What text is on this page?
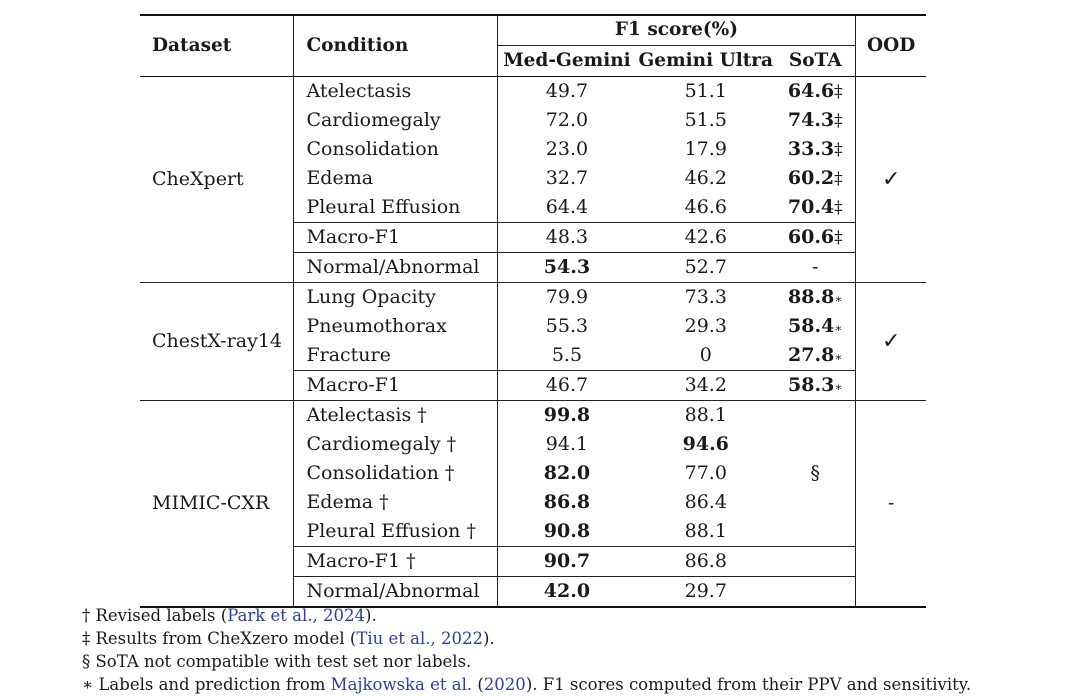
Dataset	Condition	F1 score(%)			OOD
		Med-Gemini	Gemini Ultra	SoTA	
CheXpert	Atelectasis	49.7	51.1	64.6‡	✓
	Cardiomegaly	72.0	51.5	74.3‡	
	Consolidation	23.0	17.9	33.3‡	
	Edema	32.7	46.2	60.2‡	
	Pleural Effusion	64.4	46.6	70.4‡	
	Macro-F1	48.3	42.6	60.6‡	
	Normal/Abnormal	54.3	52.7	-	
ChestX-ray14	Lung Opacity	79.9	73.3	88.8∗	✓
	Pneumothorax	55.3	29.3	58.4∗	
	Fracture	5.5	0	27.8∗	
	Macro-F1	46.7	34.2	58.3∗	
MIMIC-CXR	Atelectasis †	99.8	88.1	§	-
	Cardiomegaly †	94.1	94.6		
	Consolidation †	82.0	77.0		
	Edema †	86.8	86.4		
	Pleural Effusion †	90.8	88.1		
	Macro-F1 †	90.7	86.8		
	Normal/Abnormal	42.0	29.7		
† Revised labels (Park et al., 2024).
‡ Results from CheXzero model (Tiu et al., 2022).
§ SoTA not compatible with test set nor labels.
∗ Labels and prediction from Majkowska et al. (2020). F1 scores computed from their PPV and sensitivity.
